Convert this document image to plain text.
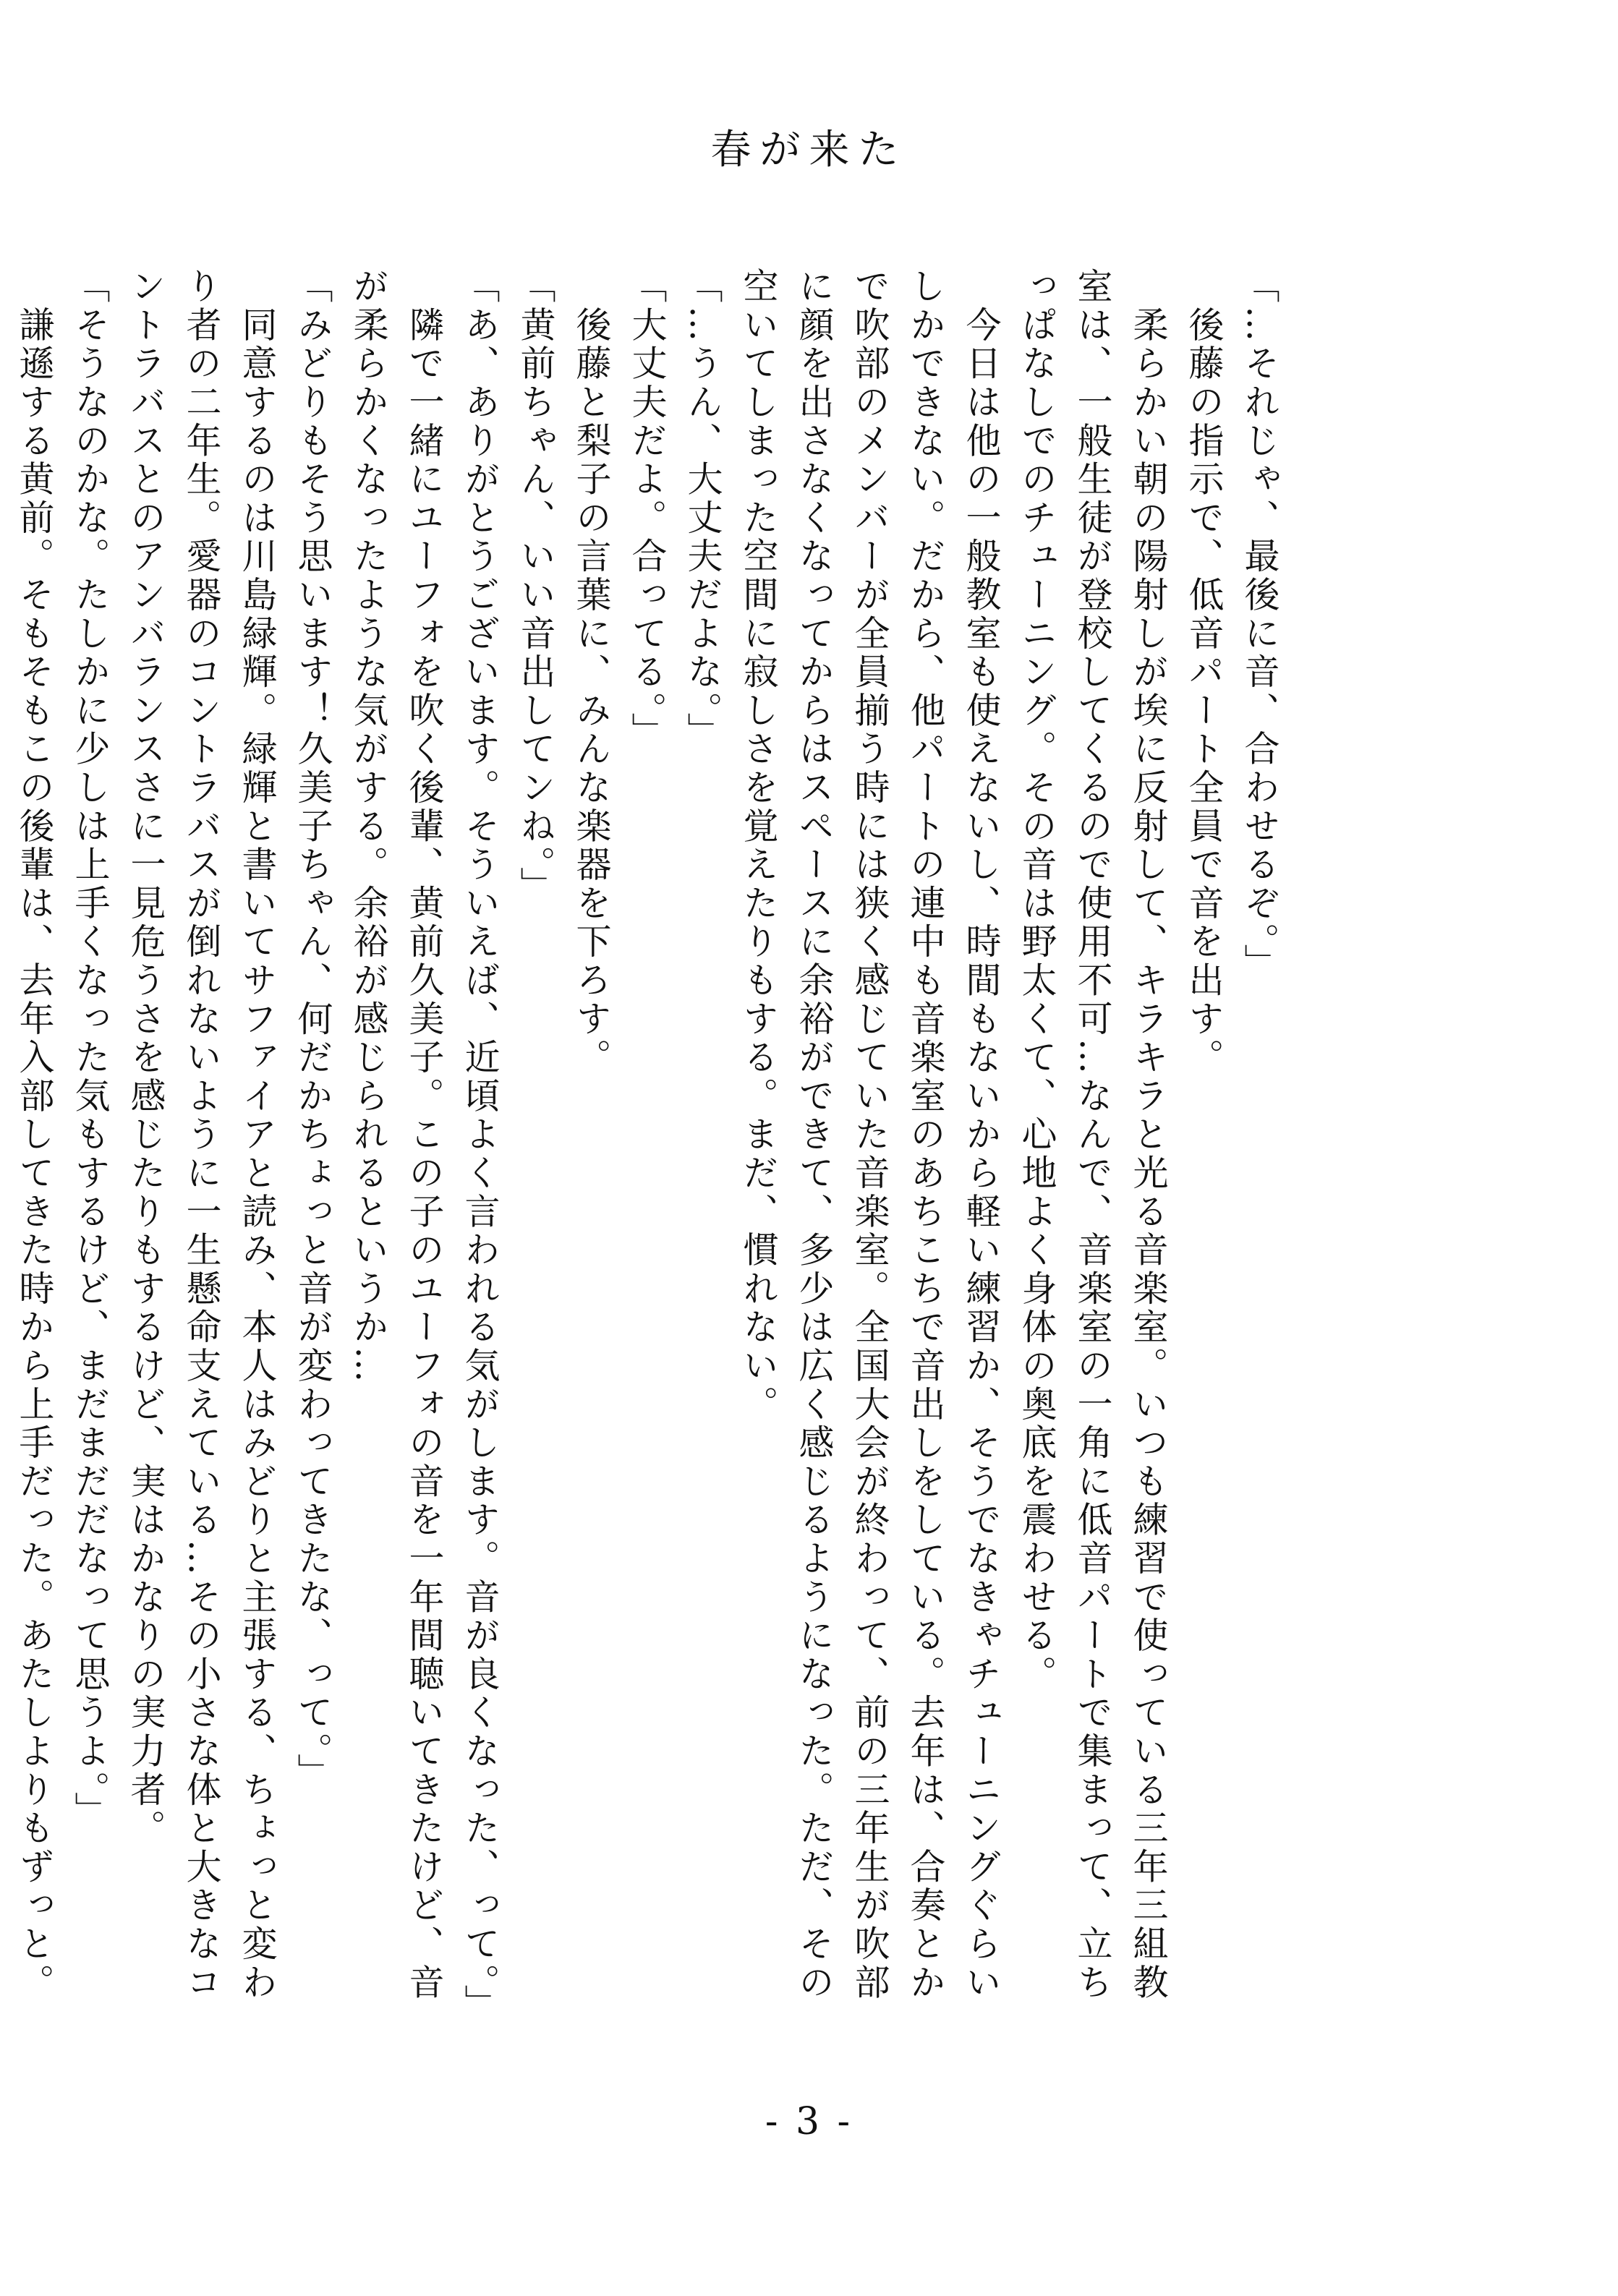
春が来た

「…それじゃ、最後に音、合わせるぞ。」

　後藤の指示で、低音パート全員で音を出す。

　柔らかい朝の陽射しが埃に反射して、キラキラと光る音楽室。いつも練習で使っている三年三組教室は、一般生徒が登校してくるので使用不可…なんで、音楽室の一角に低音パートで集まって、立ちっぱなしでのチューニング。その音は野太くて、心地よく身体の奥底を震わせる。

　今日は他の一般教室も使えないし、時間もないから軽い練習か、そうでなきゃチューニングぐらいしかできない。だから、他パートの連中も音楽室のあちこちで音出しをしている。去年は、合奏とかで吹部のメンバーが全員揃う時には狭く感じていた音楽室。全国大会が終わって、前の三年生が吹部に顔を出さなくなってからはスペースに余裕ができて、多少は広く感じるようになった。ただ、その空いてしまった空間に寂しさを覚えたりもする。まだ、慣れない。

「…うん、大丈夫だよな。」

「大丈夫だよ。合ってる。」

　後藤と梨子の言葉に、みんな楽器を下ろす。

「黄前ちゃん、いい音出してンね。」

「あ、ありがとうございます。そういえば、近頃よく言われる気がします。音が良くなった、って。」

　隣で一緒にユーフォを吹く後輩、黄前久美子。この子のユーフォの音を一年間聴いてきたけど、音が柔らかくなったような気がする。余裕が感じられるというか…

「みどりもそう思います！久美子ちゃん、何だかちょっと音が変わってきたな、って。」

　同意するのは川島緑輝。緑輝と書いてサファイアと読み、本人はみどりと主張する、ちょっと変わり者の二年生。愛器のコントラバスが倒れないように一生懸命支えている…その小さな体と大きなコントラバスとのアンバランスさに一見危うさを感じたりもするけど、実はかなりの実力者。

「そうなのかな。たしかに少しは上手くなった気もするけど、まだまだだなって思うよ。」

　謙遜する黄前。そもそもこの後輩は、去年入部してきた時から上手だった。あたしよりもずっと。

- 3 -
